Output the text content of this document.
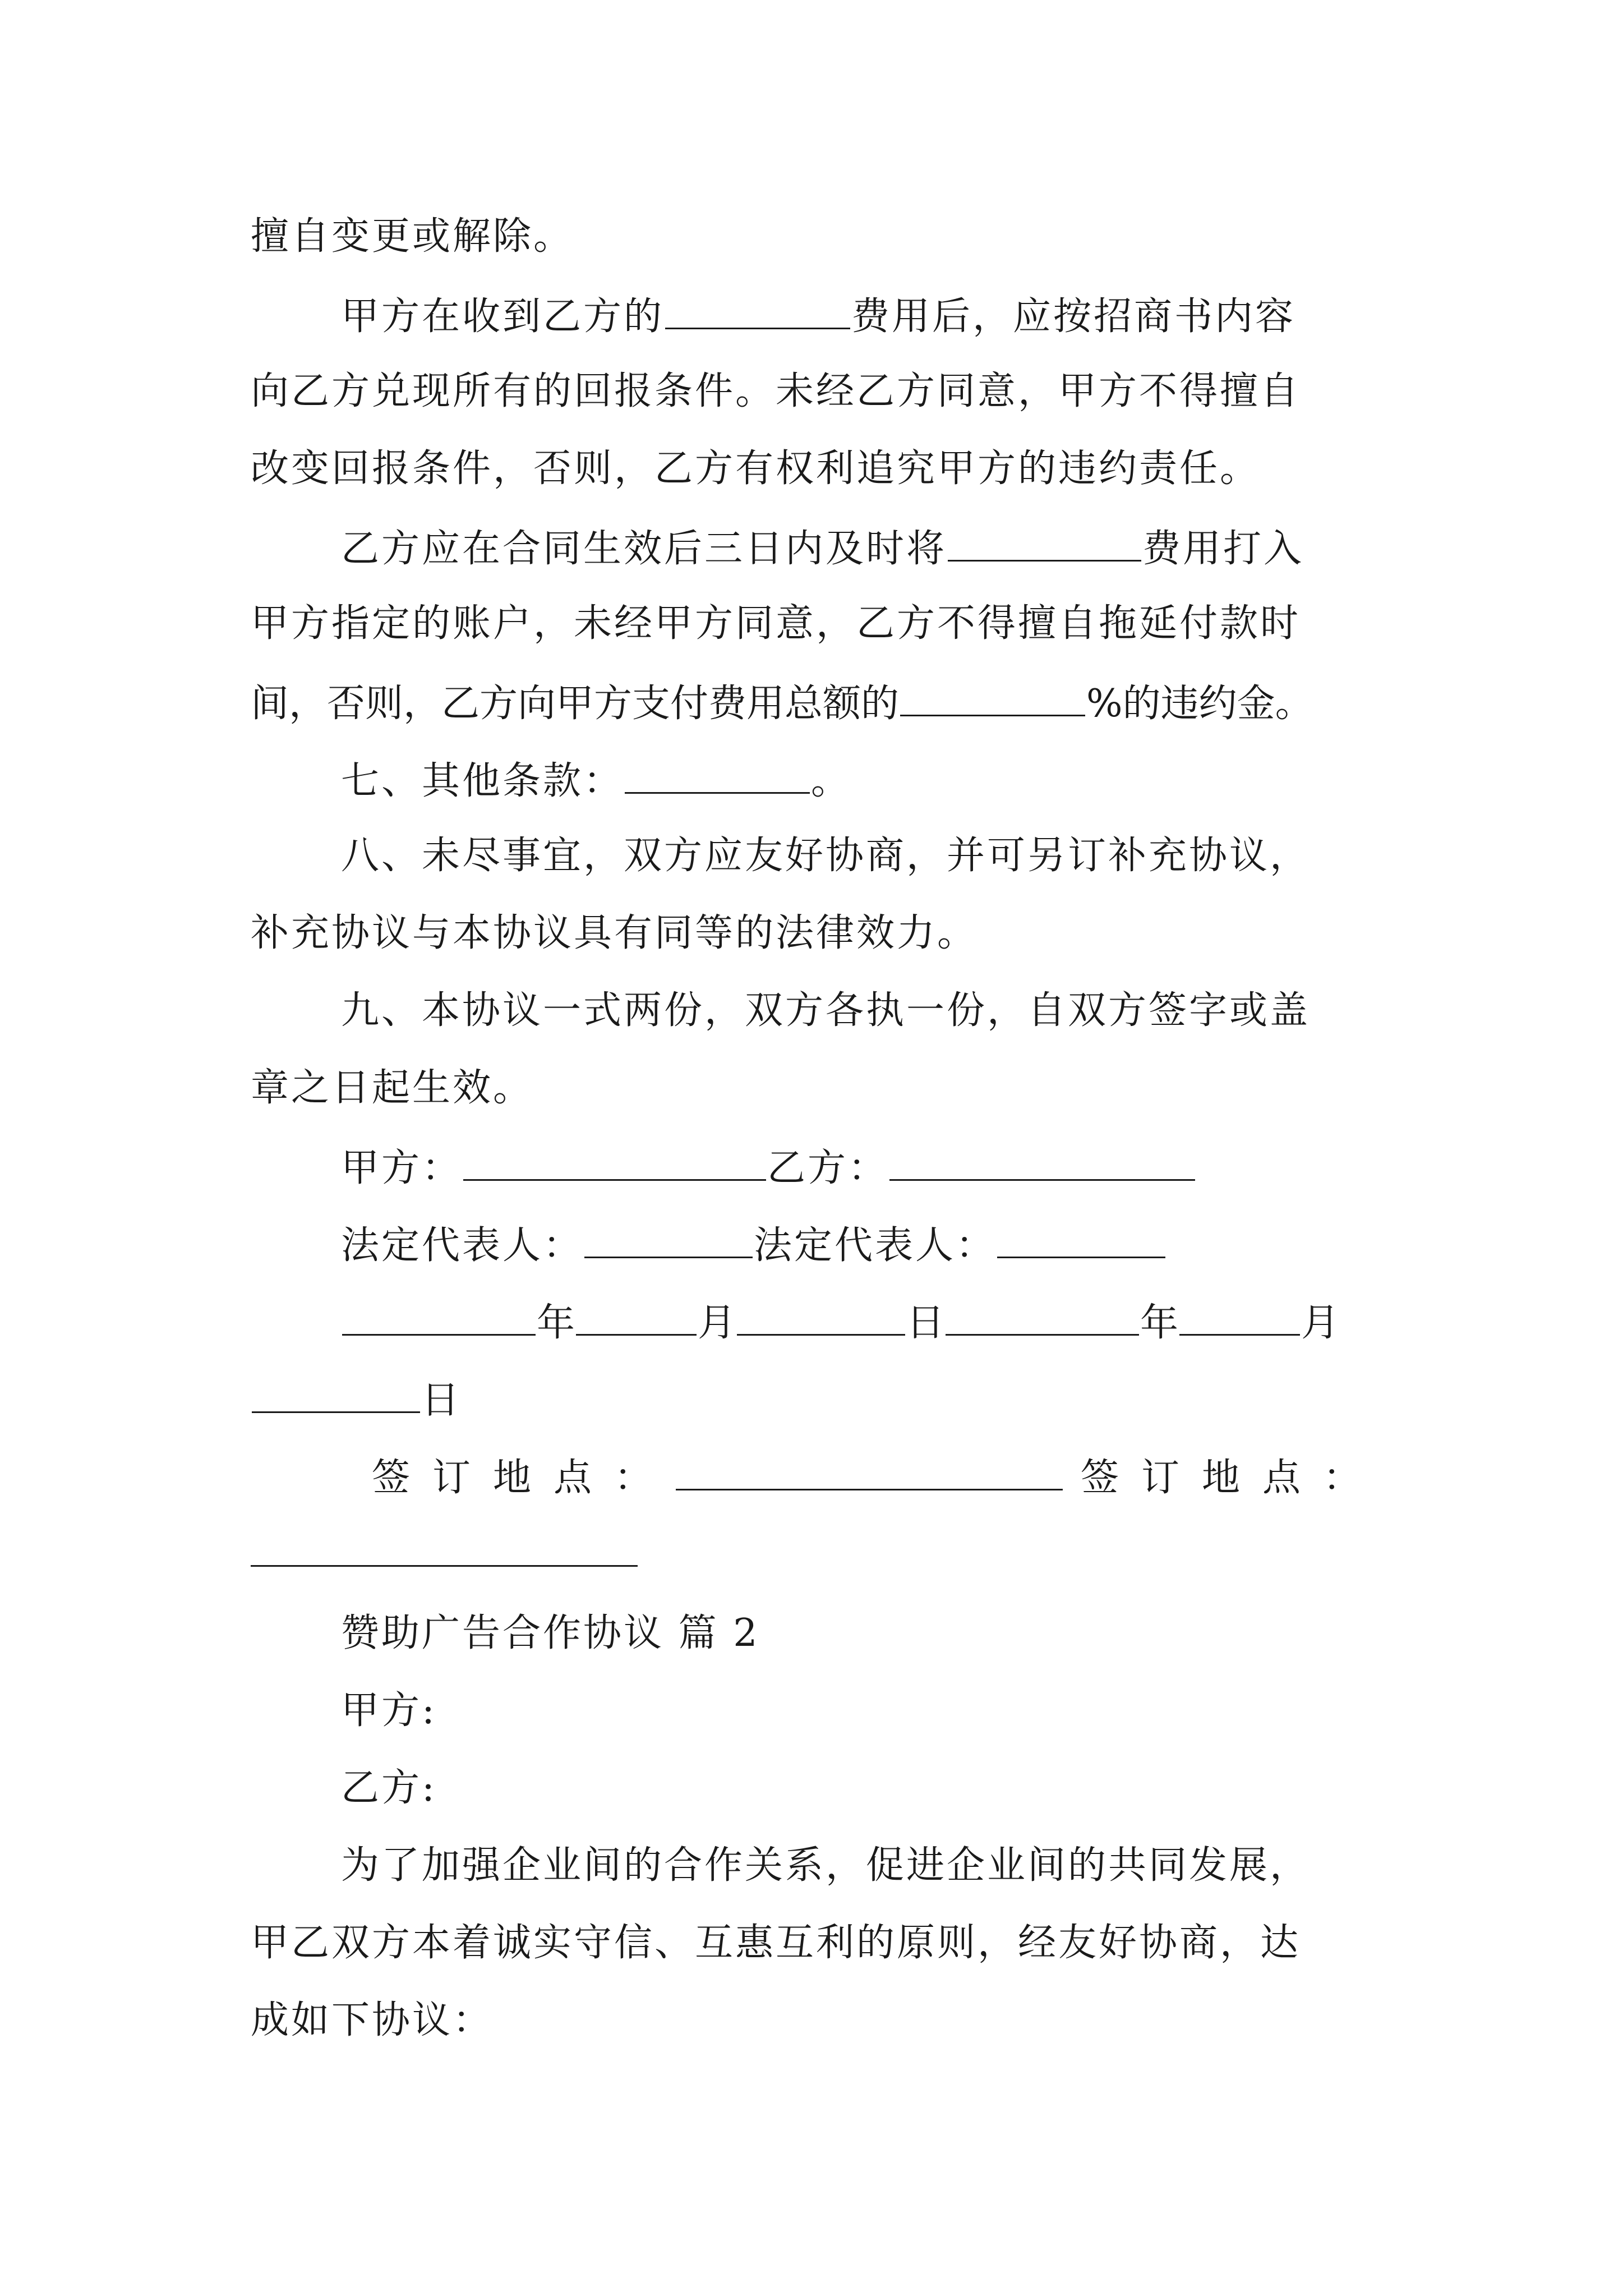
擅自变更或解除。
甲方在收到乙方的	费用后，应按招商书内容
向乙方兑现所有的回报条件。未经乙方同意，甲方不得擅自
改变回报条件，否则，乙方有权利追究甲方的违约责任。
乙方应在合同生效后三日内及时将	费用打入
甲方指定的账户，未经甲方同意，乙方不得擅自拖延付款时
间，否则，乙方向甲方支付费用总额的	%的违约金。
七、其他条款：	。
八、未尽事宜，双方应友好协商，并可另订补充协议，
补充协议与本协议具有同等的法律效力。
九、本协议一式两份，双方各执一份，自双方签字或盖
章之日起生效。
甲方：	乙方：
法定代表人：	法定代表人：
年	月	日	年	月
日
签订地点：	签订地点：
赞助广告合作协议 篇 2
甲方:
乙方:
为了加强企业间的合作关系，促进企业间的共同发展，
甲乙双方本着诚实守信、互惠互利的原则，经友好协商，达
成如下协议：
